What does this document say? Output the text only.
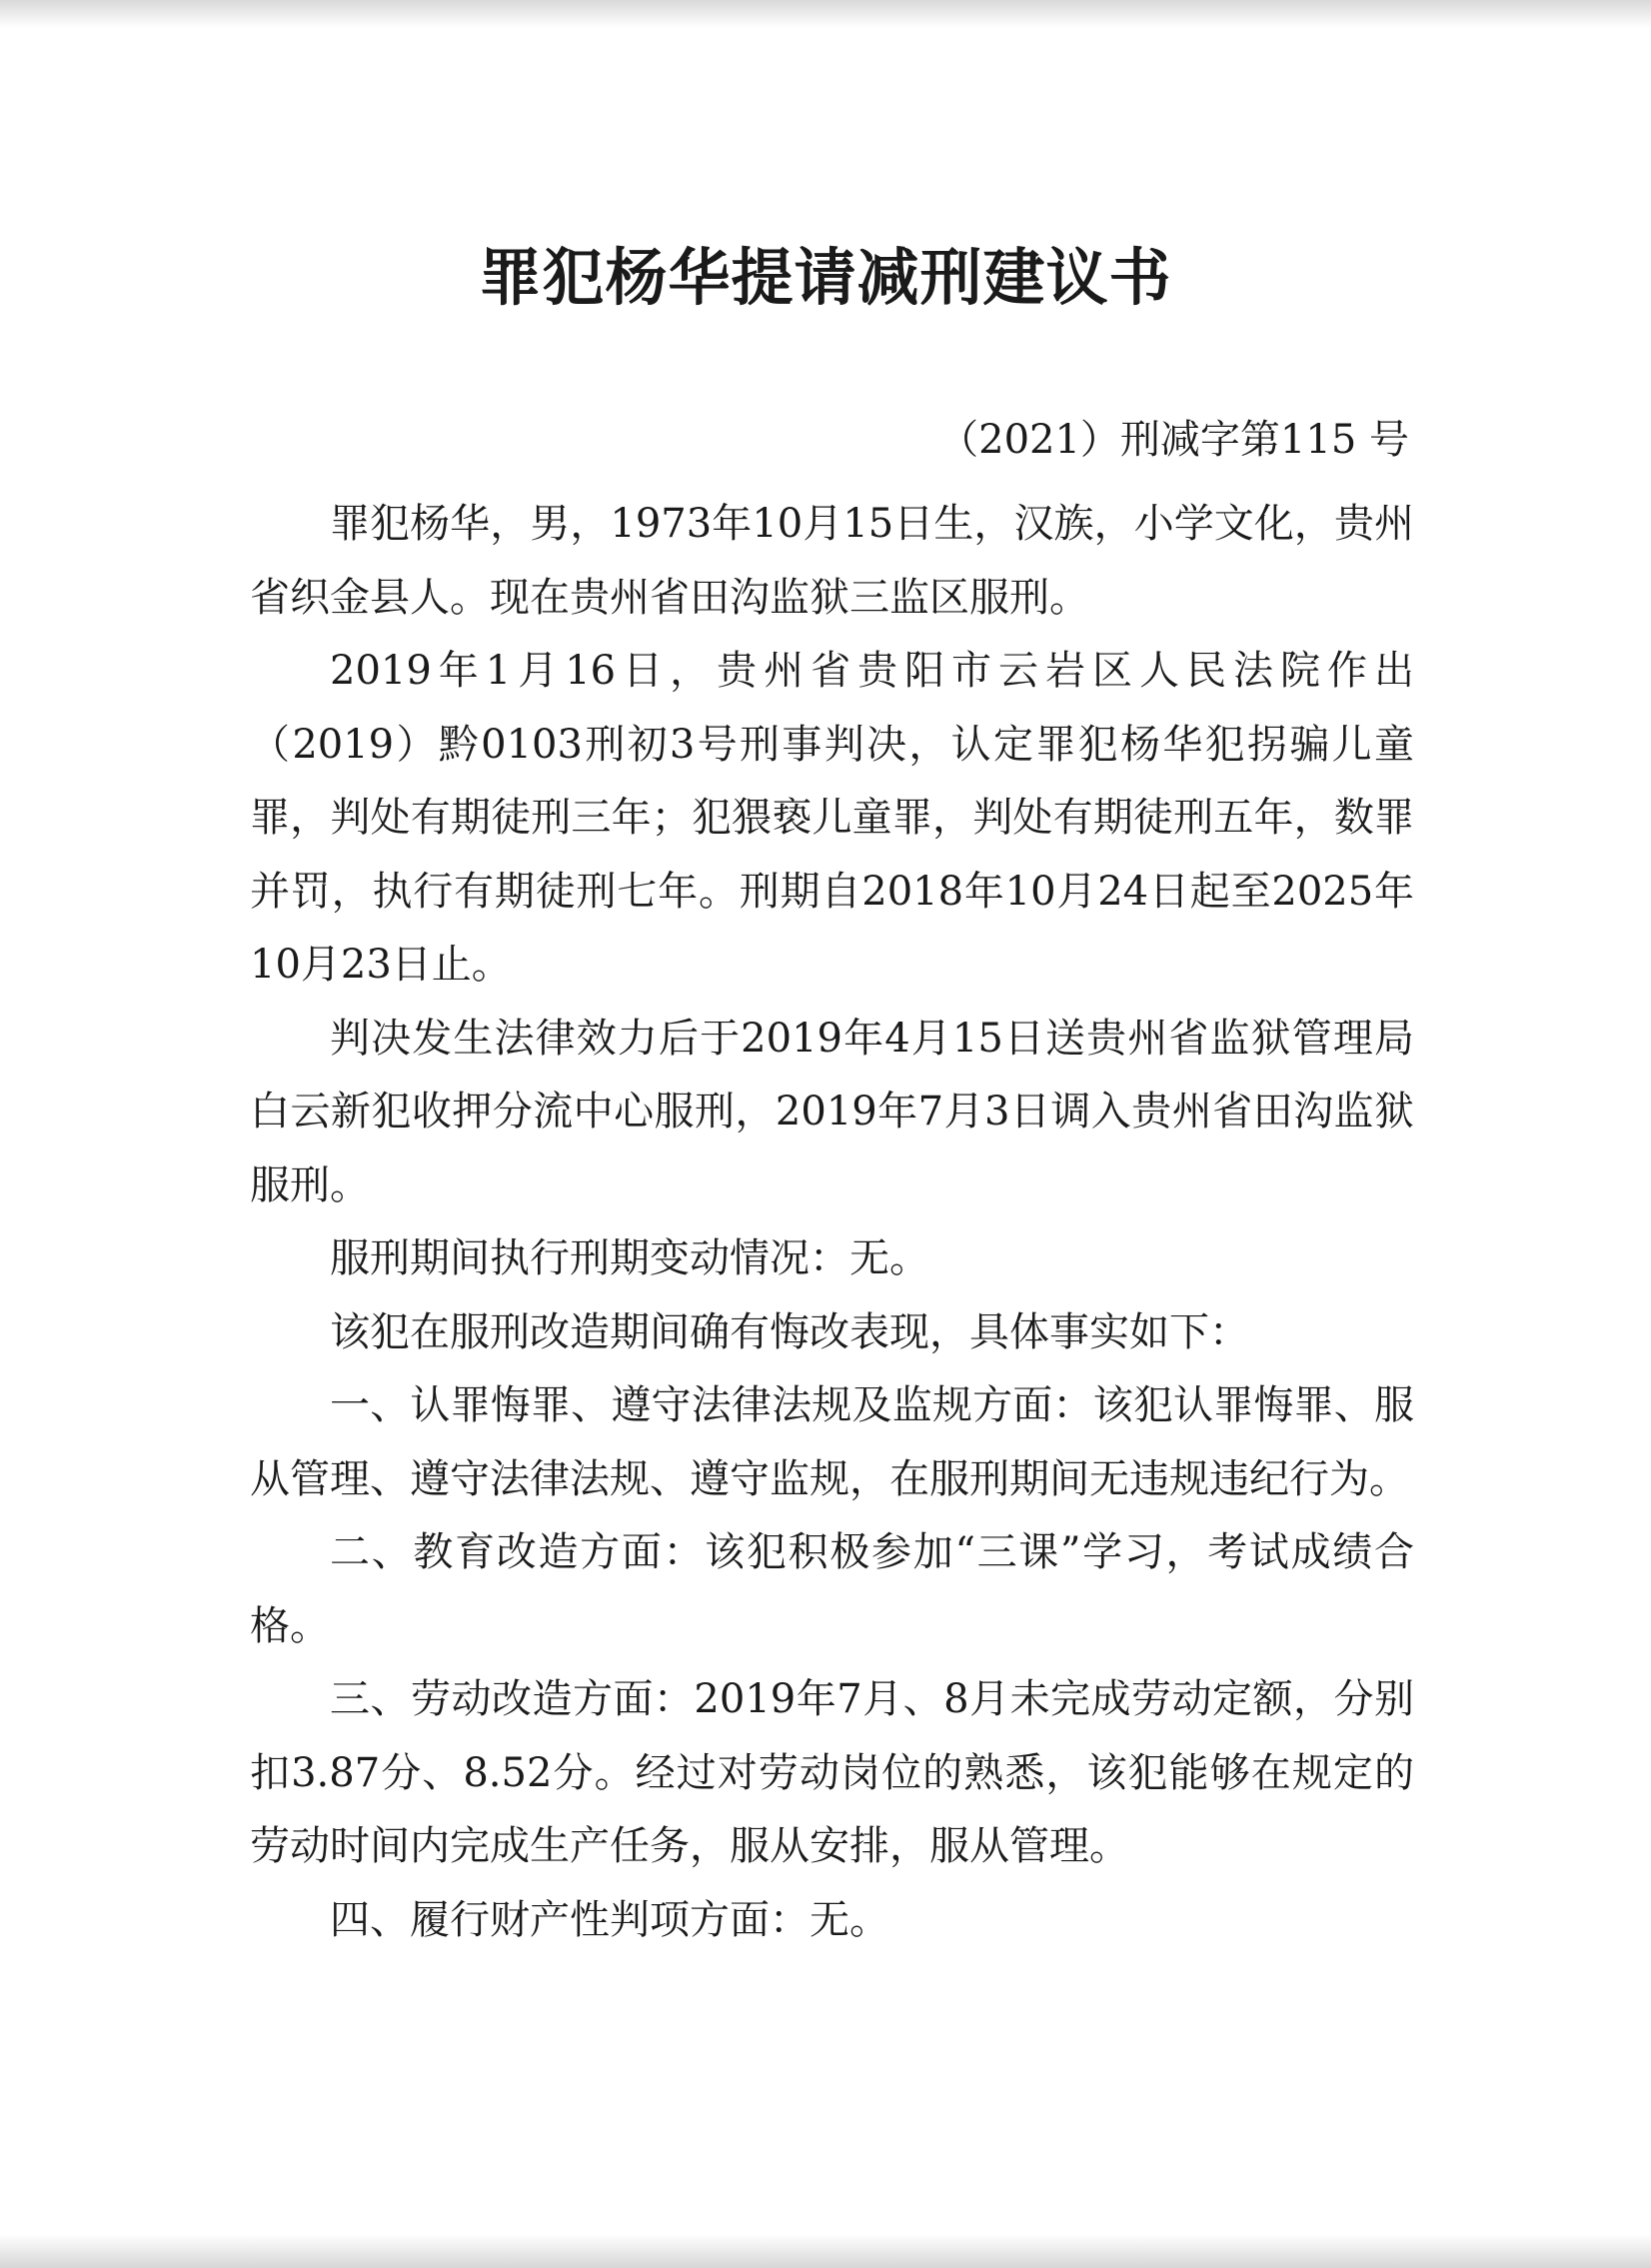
罪犯杨华提请减刑建议书
（2021）刑减字第115 号

罪犯杨华，男，1973年10月15日生，汉族，小学文化，贵州省织金县人。现在贵州省田沟监狱三监区服刑。

2019年1月16日，贵州省贵阳市云岩区人民法院作出（2019）黔0103刑初3号刑事判决，认定罪犯杨华犯拐骗儿童罪，判处有期徒刑三年；犯猥亵儿童罪，判处有期徒刑五年，数罪并罚，执行有期徒刑七年。刑期自2018年10月24日起至2025年10月23日止。

判决发生法律效力后于2019年4月15日送贵州省监狱管理局白云新犯收押分流中心服刑，2019年7月3日调入贵州省田沟监狱服刑。

服刑期间执行刑期变动情况：无。

该犯在服刑改造期间确有悔改表现，具体事实如下：

一、认罪悔罪、遵守法律法规及监规方面：该犯认罪悔罪、服从管理、遵守法律法规、遵守监规，在服刑期间无违规违纪行为。

二、教育改造方面：该犯积极参加“三课”学习，考试成绩合格。

三、劳动改造方面：2019年7月、8月未完成劳动定额，分别扣3.87分、8.52分。经过对劳动岗位的熟悉，该犯能够在规定的劳动时间内完成生产任务，服从安排，服从管理。

四、履行财产性判项方面：无。
